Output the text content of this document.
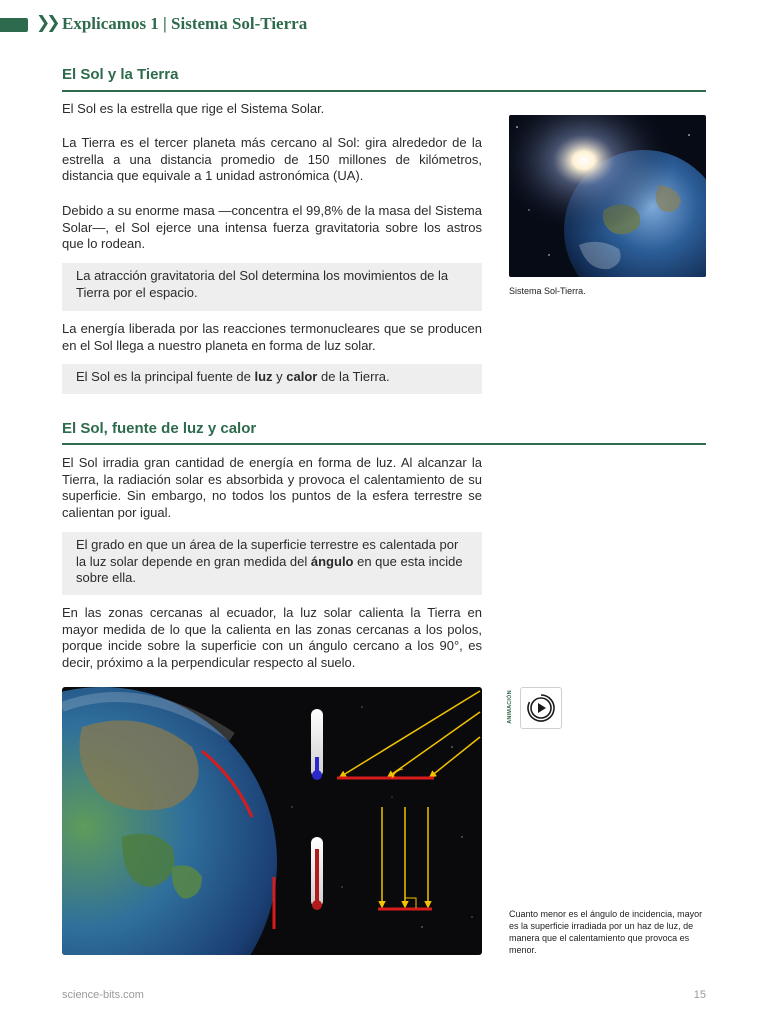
❯❯ Explicamos 1 | Sistema Sol-Tierra
El Sol y la Tierra
El Sol es la estrella que rige el Sistema Solar.
La Tierra es el tercer planeta más cercano al Sol: gira alrededor de la estrella a una distancia promedio de 150 millones de kilómetros, distancia que equivale a 1 unidad astronómica (UA).
Debido a su enorme masa —concentra el 99,8% de la masa del Sistema Solar—, el Sol ejerce una intensa fuerza gravitatoria sobre los astros que lo rodean.
La atracción gravitatoria del Sol determina los movimientos de la Tierra por el espacio.
La energía liberada por las reacciones termonucleares que se producen en el Sol llega a nuestro planeta en forma de luz solar.
El Sol es la principal fuente de luz y calor de la Tierra.
Sistema Sol-Tierra.
El Sol, fuente de luz y calor
El Sol irradia gran cantidad de energía en forma de luz. Al alcanzar la Tierra, la radiación solar es absorbida y provoca el calentamiento de su superficie. Sin embargo, no todos los puntos de la esfera terrestre se calientan por igual.
El grado en que un área de la superficie terrestre es calentada por la luz solar depende en gran medida del ángulo en que esta incide sobre ella.
En las zonas cercanas al ecuador, la luz solar calienta la Tierra en mayor medida de lo que la calienta en las zonas cercanas a los polos, porque incide sobre la superficie con un ángulo cercano a los 90°, es decir, próximo a la perpendicular respecto al suelo.
ANIMACIÓN
Cuanto menor es el ángulo de incidencia, mayor es la superficie irradiada por un haz de luz, de manera que el calentamiento que provoca es menor.
science-bits.com	15
